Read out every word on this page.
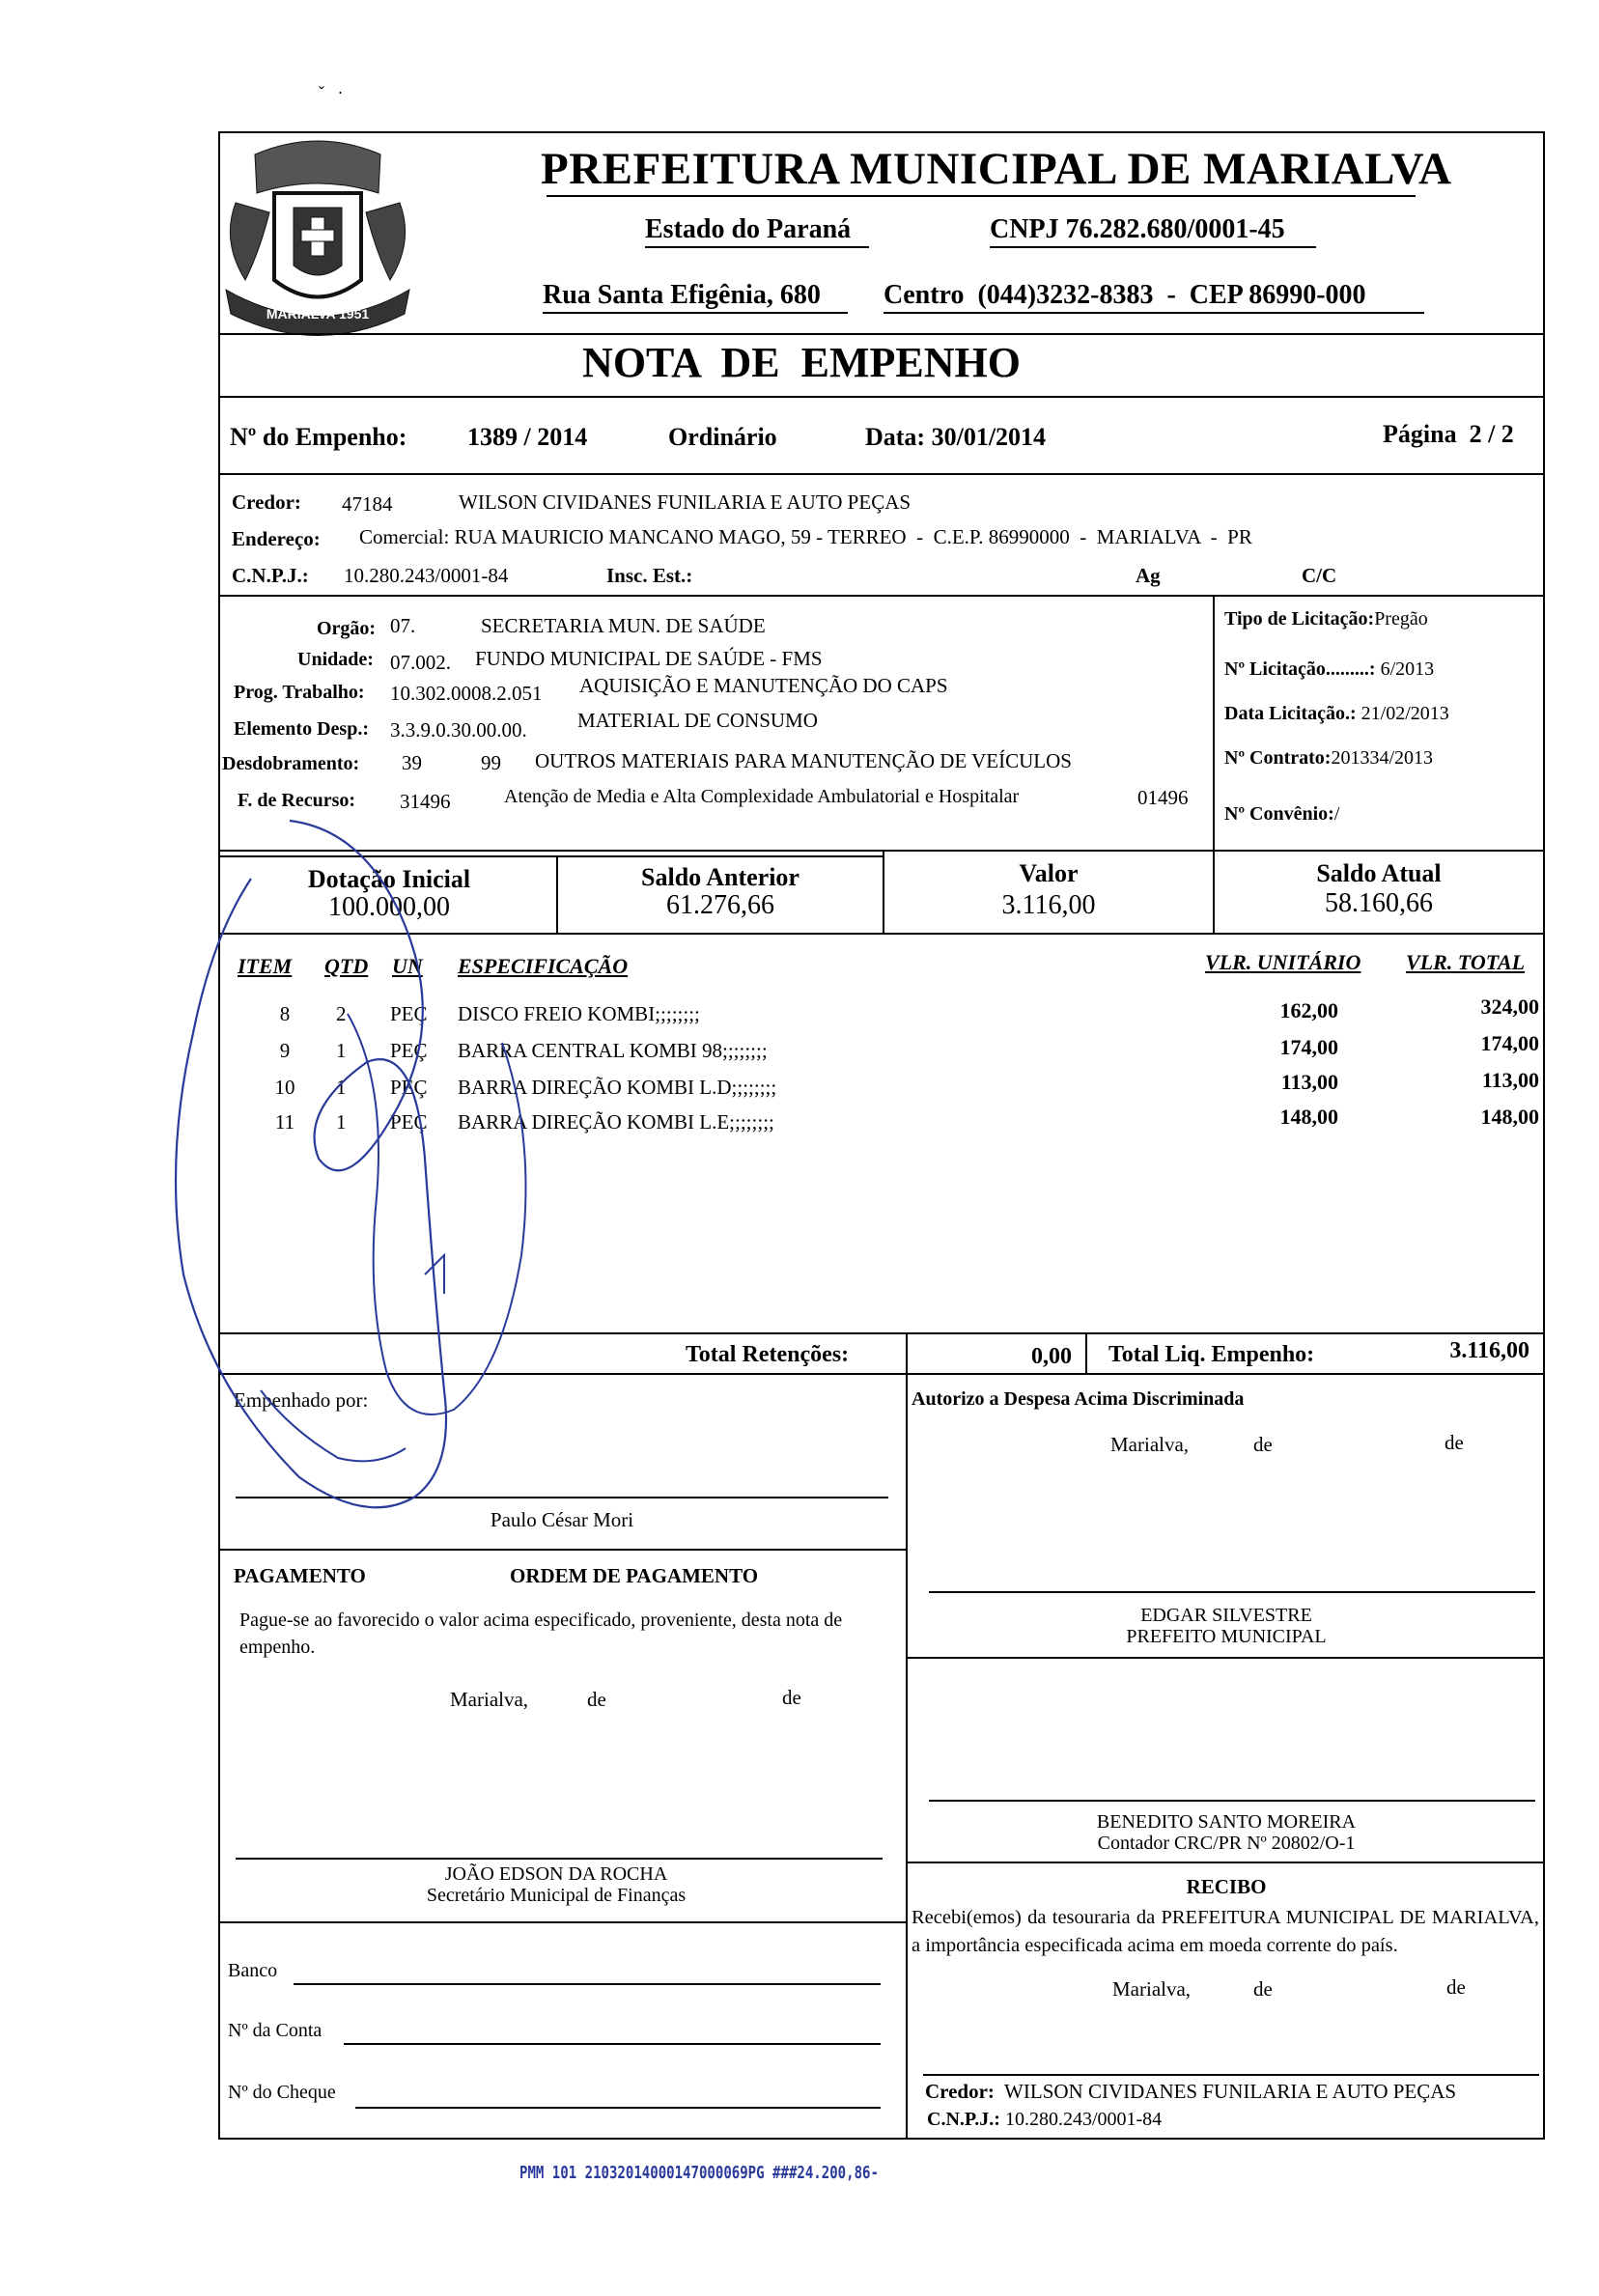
ˇ   ·
MARIALVA 1951
PREFEITURA MUNICIPAL DE MARIALVA
Estado do Paraná	CNPJ 76.282.680/0001-45
Rua Santa Efigênia, 680 Centro  (044)3232-8383  -  CEP 86990-000
NOTA  DE  EMPENHO
Nº do Empenho: 1389 / 2014	Ordinário	Data: 30/01/2014	Página  2 / 2
Credor: 47184	WILSON CIVIDANES FUNILARIA E AUTO PEÇAS
Endereço: Comercial: RUA MAURICIO MANCANO MAGO, 59 - TERREO  -  C.E.P. 86990000  -  MARIALVA  -  PR
C.N.P.J.: 10.280.243/0001-84	Insc. Est.:	Ag	C/C
Orgão: 07.	SECRETARIA MUN. DE SAÚDE
Unidade: 07.002. FUNDO MUNICIPAL DE SAÚDE - FMS
Prog. Trabalho: 10.302.0008.2.051 AQUISIÇÃO E MANUTENÇÃO DO CAPS
Elemento Desp.: 3.3.9.0.30.00.00. MATERIAL DE CONSUMO
Desdobramento: 39	99 OUTROS MATERIAIS PARA MANUTENÇÃO DE VEÍCULOS
F. de Recurso: 31496	Atenção de Media e Alta Complexidade Ambulatorial e Hospitalar	01496
Tipo de Licitação:Pregão
Nº Licitação.........: 6/2013
Data Licitação.: 21/02/2013
Nº Contrato:201334/2013
Nº Convênio:/
Dotação Inicial
100.000,00
Saldo Anterior
61.276,66
Valor
3.116,00
Saldo Atual
58.160,66
ITEM QTD UN ESPECIFICAÇÃO	VLR. UNITÁRIO VLR. TOTAL
8	2 PEÇ DISCO FREIO KOMBI;;;;;;;;	162,00	324,00
9	1 PEÇ BARRA CENTRAL KOMBI 98;;;;;;;;	174,00	174,00
10 1 PEÇ BARRA DIREÇÃO KOMBI L.D;;;;;;;;	113,00	113,00
11 1 PEÇ BARRA DIREÇÃO KOMBI L.E;;;;;;;;	148,00	148,00
Total Retenções:	0,00 Total Liq. Empenho:	3.116,00
Empenhado por:
Paulo César Mori
Autorizo a Despesa Acima Discriminada
Marialva,	de	de
PAGAMENTO	ORDEM DE PAGAMENTO
Pague-se ao favorecido o valor acima especificado, proveniente, desta nota de empenho.
Marialva,	de	de
EDGAR SILVESTRE
PREFEITO MUNICIPAL
BENEDITO SANTO MOREIRA
Contador CRC/PR Nº 20802/O-1
JOÃO EDSON DA ROCHA
Secretário Municipal de Finanças	RECIBO
Recebi(emos) da tesouraria da PREFEITURA MUNICIPAL DE MARIALVA, a importância especificada acima em moeda corrente do país.
Marialva,	de	de
Banco
Nº da Conta
Nº do Cheque	Credor: WILSON CIVIDANES FUNILARIA E AUTO PEÇAS
C.N.P.J.: 10.280.243/0001-84
PMM 101 21032014000147000069PG ###24.200,86-
